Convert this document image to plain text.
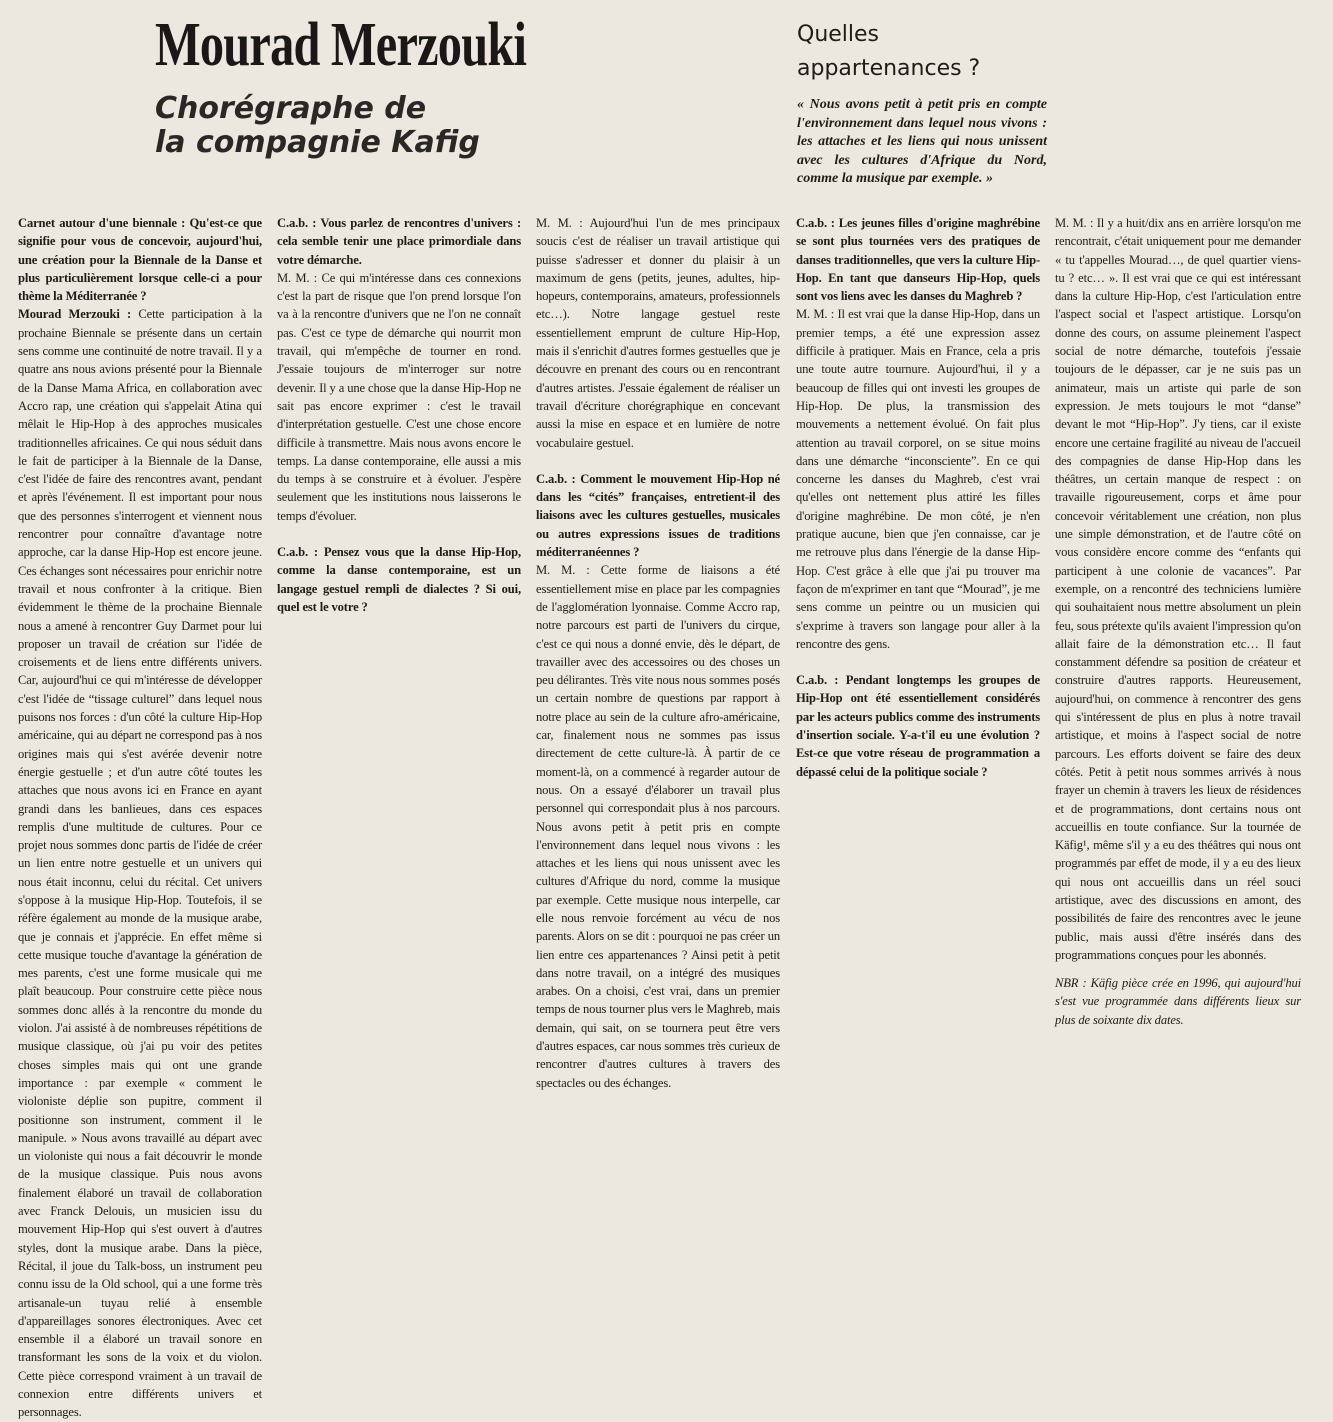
Mourad Merzouki
Chorégraphe de
la compagnie Kafig
Quelles
appartenances ?
« Nous avons petit à petit pris en compte l'environnement dans lequel nous vivons : les attaches et les liens qui nous unissent avec les cultures d'Afrique du Nord, comme la musique par exemple. »

Carnet autour d'une biennale : Qu'est-ce que signifie pour vous de concevoir, aujourd'hui, une création pour la Biennale de la Danse et plus particulièrement lorsque celle-ci a pour thème la Méditerranée ?

Mourad Merzouki : Cette participation à la prochaine Biennale se présente dans un certain sens comme une continuité de notre travail. Il y a quatre ans nous avions présenté pour la Biennale de la Danse Mama Africa, en collaboration avec Accro rap, une création qui s'appelait Atina qui mêlait le Hip-Hop à des approches musicales traditionnelles africaines. Ce qui nous séduit dans le fait de participer à la Biennale de la Danse, c'est l'idée de faire des rencontres avant, pendant et après l'événement. Il est important pour nous que des personnes s'interrogent et viennent nous rencontrer pour connaître d'avantage notre approche, car la danse Hip-Hop est encore jeune. Ces échanges sont nécessaires pour enrichir notre travail et nous confronter à la critique. Bien évidemment le thème de la prochaine Biennale nous a amené à rencontrer Guy Darmet pour lui proposer un travail de création sur l'idée de croisements et de liens entre différents univers. Car, aujourd'hui ce qui m'intéresse de développer c'est l'idée de “tissage culturel” dans lequel nous puisons nos forces : d'un côté la culture Hip-Hop américaine, qui au départ ne correspond pas à nos origines mais qui s'est avérée devenir notre énergie gestuelle ; et d'un autre côté toutes les attaches que nous avons ici en France en ayant grandi dans les banlieues, dans ces espaces remplis d'une multitude de cultures. Pour ce projet nous sommes donc partis de l'idée de créer un lien entre notre gestuelle et un univers qui nous était inconnu, celui du récital. Cet univers s'oppose à la musique Hip-Hop. Toutefois, il se réfère également au monde de la musique arabe, que je connais et j'apprécie. En effet même si cette musique touche d'avantage la génération de mes parents, c'est une forme musicale qui me plaît beaucoup. Pour construire cette pièce nous sommes donc allés à la rencontre du monde du violon. J'ai assisté à de nombreuses répétitions de musique classique, où j'ai pu voir des petites choses simples mais qui ont une grande importance : par exemple « comment le violoniste déplie son pupitre, comment il positionne son instrument, comment il le manipule. » Nous avons travaillé au départ avec un violoniste qui nous a fait découvrir le monde de la musique classique. Puis nous avons finalement élaboré un travail de collaboration avec Franck Delouis, un musicien issu du mouvement Hip-Hop qui s'est ouvert à d'autres styles, dont la musique arabe. Dans la pièce, Récital, il joue du Talk-boss, un instrument peu connu issu de la Old school, qui a une forme très artisanale-un tuyau relié à ensemble d'appareillages sonores électroniques. Avec cet ensemble il a élaboré un travail sonore en transformant les sons de la voix et du violon. Cette pièce correspond vraiment à un travail de connexion entre différents univers et personnages.

C.a.b. : Vous parlez de rencontres d'univers : cela semble tenir une place primordiale dans votre démarche.

M. M. : Ce qui m'intéresse dans ces connexions c'est la part de risque que l'on prend lorsque l'on va à la rencontre d'univers que ne l'on ne connaît pas. C'est ce type de démarche qui nourrit mon travail, qui m'empêche de tourner en rond. J'essaie toujours de m'interroger sur notre devenir. Il y a une chose que la danse Hip-Hop ne sait pas encore exprimer : c'est le travail d'interprétation gestuelle. C'est une chose encore difficile à transmettre. Mais nous avons encore le temps. La danse contemporaine, elle aussi a mis du temps à se construire et à évoluer. J'espère seulement que les institutions nous laisserons le temps d'évoluer.

C.a.b. : Pensez vous que la danse Hip-Hop, comme la danse contemporaine, est un langage gestuel rempli de dialectes ? Si oui, quel est le votre ?

M. M. : Aujourd'hui l'un de mes principaux soucis c'est de réaliser un travail artistique qui puisse s'adresser et donner du plaisir à un maximum de gens (petits, jeunes, adultes, hip-hopeurs, contemporains, amateurs, professionnels etc…). Notre langage gestuel reste essentiellement emprunt de culture Hip-Hop, mais il s'enrichit d'autres formes gestuelles que je découvre en prenant des cours ou en rencontrant d'autres artistes. J'essaie également de réaliser un travail d'écriture chorégraphique en concevant aussi la mise en espace et en lumière de notre vocabulaire gestuel.

C.a.b. : Comment le mouvement Hip-Hop né dans les “cités” françaises, entretient-il des liaisons avec les cultures gestuelles, musicales ou autres expressions issues de traditions méditerranéennes ?

M. M. : Cette forme de liaisons a été essentiellement mise en place par les compagnies de l'agglomération lyonnaise. Comme Accro rap, notre parcours est parti de l'univers du cirque, c'est ce qui nous a donné envie, dès le départ, de travailler avec des accessoires ou des choses un peu délirantes. Très vite nous nous sommes posés un certain nombre de questions par rapport à notre place au sein de la culture afro-américaine, car, finalement nous ne sommes pas issus directement de cette culture-là. À partir de ce moment-là, on a commencé à regarder autour de nous. On a essayé d'élaborer un travail plus personnel qui correspondait plus à nos parcours. Nous avons petit à petit pris en compte l'environnement dans lequel nous vivons : les attaches et les liens qui nous unissent avec les cultures d'Afrique du nord, comme la musique par exemple. Cette musique nous interpelle, car elle nous renvoie forcément au vécu de nos parents. Alors on se dit : pourquoi ne pas créer un lien entre ces appartenances ? Ainsi petit à petit dans notre travail, on a intégré des musiques arabes. On a choisi, c'est vrai, dans un premier temps de nous tourner plus vers le Maghreb, mais demain, qui sait, on se tournera peut être vers d'autres espaces, car nous sommes très curieux de rencontrer d'autres cultures à travers des spectacles ou des échanges.

C.a.b. : Les jeunes filles d'origine maghrébine se sont plus tournées vers des pratiques de danses traditionnelles, que vers la culture Hip-Hop. En tant que danseurs Hip-Hop, quels sont vos liens avec les danses du Maghreb ?

M. M. : Il est vrai que la danse Hip-Hop, dans un premier temps, a été une expression assez difficile à pratiquer. Mais en France, cela a pris une toute autre tournure. Aujourd'hui, il y a beaucoup de filles qui ont investi les groupes de Hip-Hop. De plus, la transmission des mouvements a nettement évolué. On fait plus attention au travail corporel, on se situe moins dans une démarche “inconsciente”. En ce qui concerne les danses du Maghreb, c'est vrai qu'elles ont nettement plus attiré les filles d'origine maghrébine. De mon côté, je n'en pratique aucune, bien que j'en connaisse, car je me retrouve plus dans l'énergie de la danse Hip-Hop. C'est grâce à elle que j'ai pu trouver ma façon de m'exprimer en tant que “Mourad”, je me sens comme un peintre ou un musicien qui s'exprime à travers son langage pour aller à la rencontre des gens.

C.a.b. : Pendant longtemps les groupes de Hip-Hop ont été essentiellement considérés par les acteurs publics comme des instruments d'insertion sociale. Y-a-t'il eu une évolution ? Est-ce que votre réseau de programmation a dépassé celui de la politique sociale ?

M. M. : Il y a huit/dix ans en arrière lorsqu'on me rencontrait, c'était uniquement pour me demander « tu t'appelles Mourad…, de quel quartier viens-tu ? etc… ». Il est vrai que ce qui est intéressant dans la culture Hip-Hop, c'est l'articulation entre l'aspect social et l'aspect artistique. Lorsqu'on donne des cours, on assume pleinement l'aspect social de notre démarche, toutefois j'essaie toujours de le dépasser, car je ne suis pas un animateur, mais un artiste qui parle de son expression. Je mets toujours le mot “danse” devant le mot “Hip-Hop”. J'y tiens, car il existe encore une certaine fragilité au niveau de l'accueil des compagnies de danse Hip-Hop dans les théâtres, un certain manque de respect : on travaille rigoureusement, corps et âme pour concevoir véritablement une création, non plus une simple démonstration, et de l'autre côté on vous considère encore comme des “enfants qui participent à une colonie de vacances”. Par exemple, on a rencontré des techniciens lumière qui souhaitaient nous mettre absolument un plein feu, sous prétexte qu'ils avaient l'impression qu'on allait faire de la démonstration etc… Il faut constamment défendre sa position de créateur et construire d'autres rapports. Heureusement, aujourd'hui, on commence à rencontrer des gens qui s'intéressent de plus en plus à notre travail artistique, et moins à l'aspect social de notre parcours. Les efforts doivent se faire des deux côtés. Petit à petit nous sommes arrivés à nous frayer un chemin à travers les lieux de résidences et de programmations, dont certains nous ont accueillis en toute confiance. Sur la tournée de Käfig¹, même s'il y a eu des théâtres qui nous ont programmés par effet de mode, il y a eu des lieux qui nous ont accueillis dans un réel souci artistique, avec des discussions en amont, des possibilités de faire des rencontres avec le jeune public, mais aussi d'être insérés dans des programmations conçues pour les abonnés.

NBR : Käfig pièce crée en 1996, qui aujourd'hui s'est vue programmée dans différents lieux sur plus de soixante dix dates.
